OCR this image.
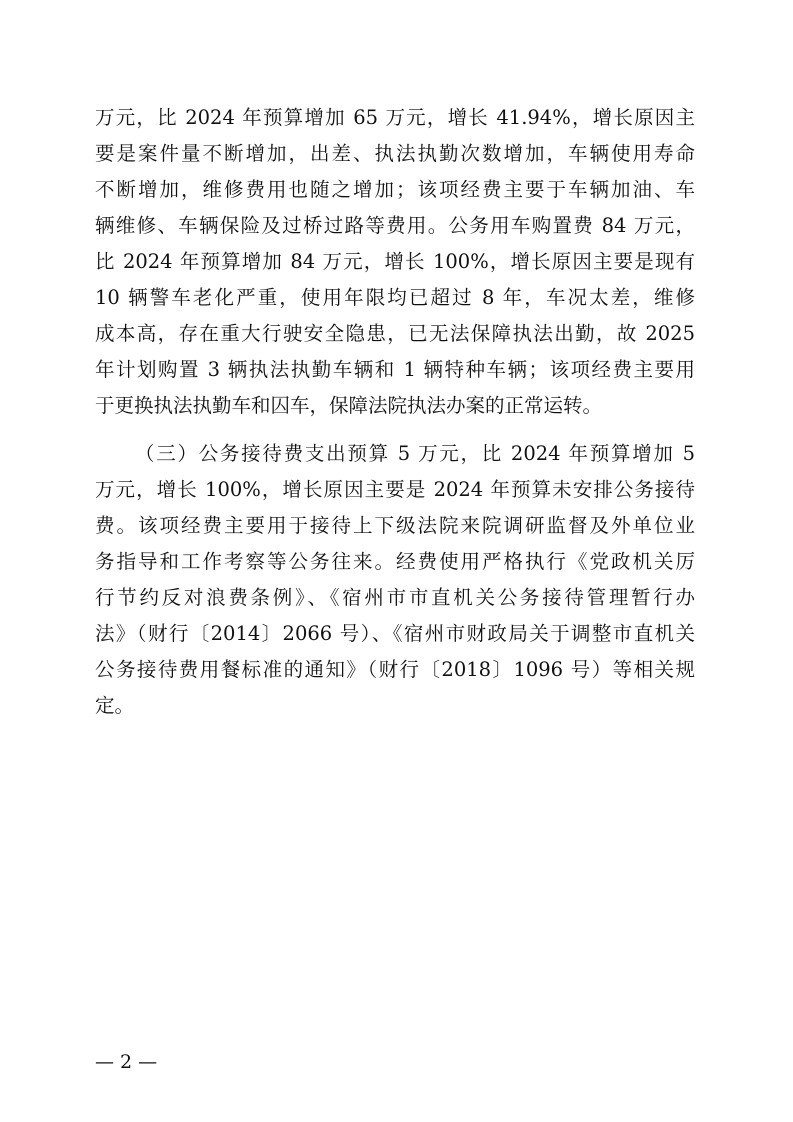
万元，比 2024 年预算增加 65 万元，增长 41.94%，增长原因主
要是案件量不断增加，出差、执法执勤次数增加，车辆使用寿命
不断增加，维修费用也随之增加；该项经费主要于车辆加油、车
辆维修、车辆保险及过桥过路等费用。公务用车购置费 84 万元，
比 2024 年预算增加 84 万元，增长 100%，增长原因主要是现有
10 辆警车老化严重，使用年限均已超过 8 年，车况太差，维修
成本高，存在重大行驶安全隐患，已无法保障执法出勤，故 2025
年计划购置 3 辆执法执勤车辆和 1 辆特种车辆；该项经费主要用
于更换执法执勤车和囚车，保障法院执法办案的正常运转。
（三）公务接待费支出预算 5 万元，比 2024 年预算增加 5
万元，增长 100%，增长原因主要是 2024 年预算未安排公务接待
费。该项经费主要用于接待上下级法院来院调研监督及外单位业
务指导和工作考察等公务往来。经费使用严格执行《党政机关厉
行节约反对浪费条例》、《宿州市市直机关公务接待管理暂行办
法》（财行〔2014〕2066 号）、《宿州市财政局关于调整市直机关
公务接待费用餐标准的通知》（财行〔2018〕1096 号）等相关规
定。
— 2 —
